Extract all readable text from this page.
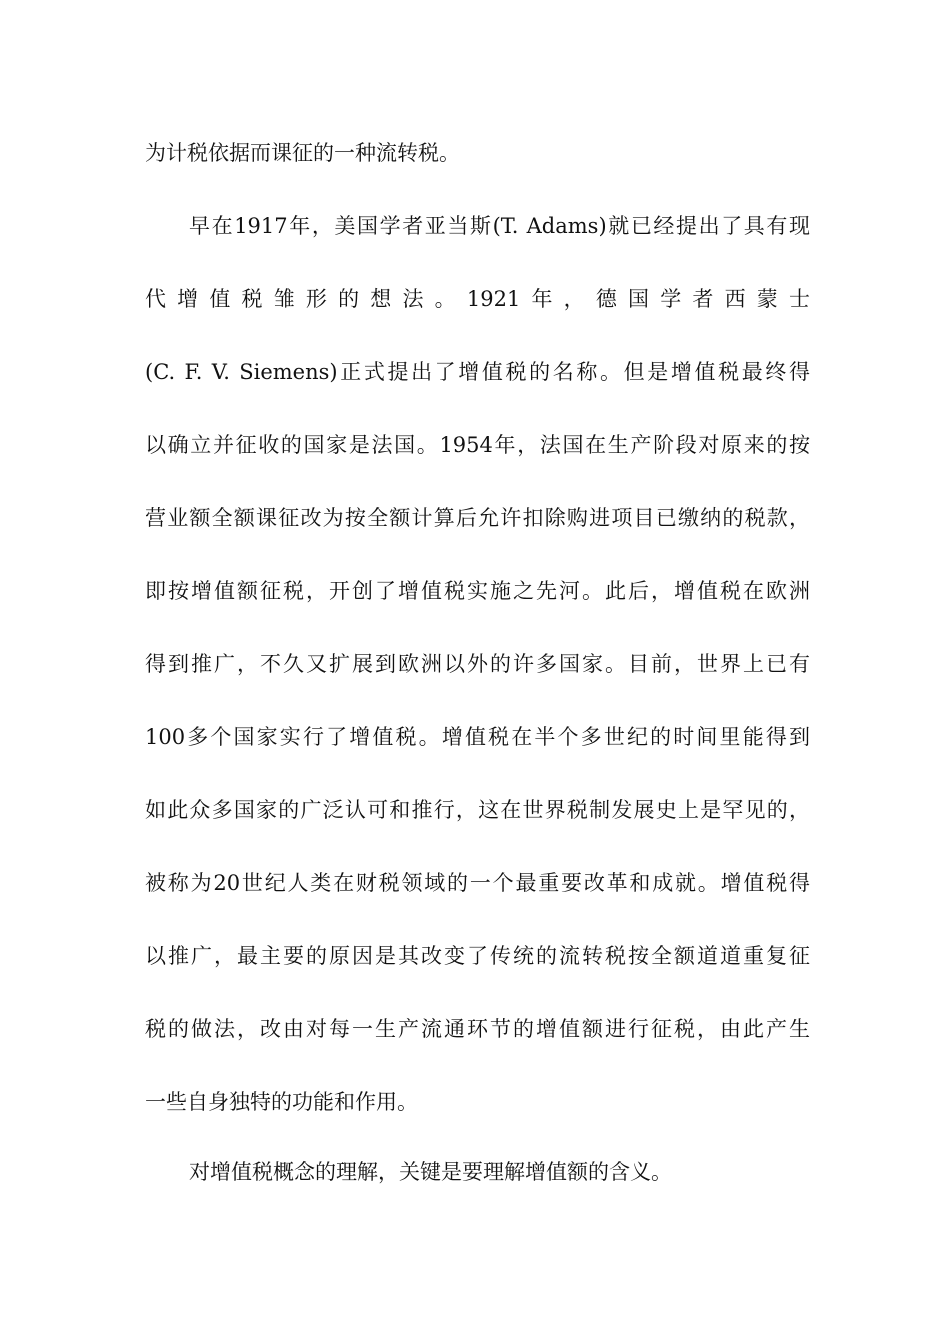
为计税依据而课征的一种流转税。
早在1917年，美国学者亚当斯(T. Adams)就已经提出了具有现
代增值税雏形的想法。1921年，德国学者西蒙士
(C. F. V. Siemens)正式提出了增值税的名称。但是增值税最终得
以确立并征收的国家是法国。1954年，法国在生产阶段对原来的按
营业额全额课征改为按全额计算后允许扣除购进项目已缴纳的税款，
即按增值额征税，开创了增值税实施之先河。此后，增值税在欧洲
得到推广，不久又扩展到欧洲以外的许多国家。目前，世界上已有
100多个国家实行了增值税。增值税在半个多世纪的时间里能得到
如此众多国家的广泛认可和推行，这在世界税制发展史上是罕见的，
被称为20世纪人类在财税领域的一个最重要改革和成就。增值税得
以推广，最主要的原因是其改变了传统的流转税按全额道道重复征
税的做法，改由对每一生产流通环节的增值额进行征税，由此产生
一些自身独特的功能和作用。
对增值税概念的理解，关键是要理解增值额的含义。
